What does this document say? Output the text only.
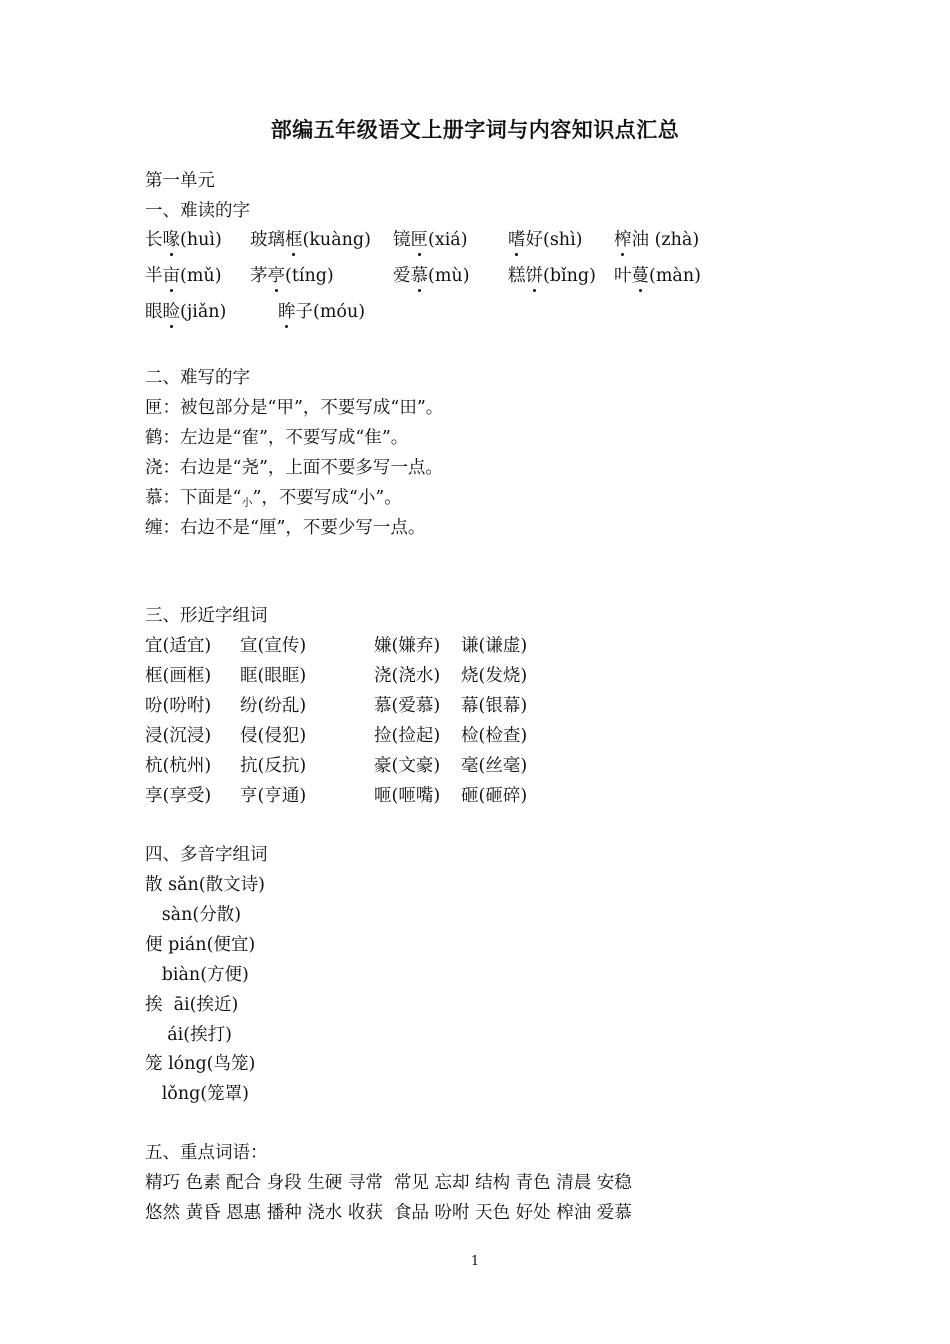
部编五年级语文上册字词与内容知识点汇总
第一单元
一、难读的字
长喙(huì) 玻璃框(kuàng) 镜匣(xiá) 嗜好(shì) 榨油 (zhà)
半亩(mǔ) 茅亭(tíng)	爱慕(mù) 糕饼(bǐng) 叶蔓(màn)
眼睑(jiǎn)	眸子(móu)
二、难写的字
匣：被包部分是“甲”，不要写成“田”。
鹤：左边是“隺”，不要写成“隹”。
浇：右边是“尧”，上面不要多写一点。
慕：下面是“小”，不要写成“小”。
缠：右边不是“厘”，不要少写一点。
三、形近字组词
宜(适宜) 宣(宣传)	嫌(嫌弃) 谦(谦虚)
框(画框) 眶(眼眶)	浇(浇水) 烧(发烧)
吩(吩咐) 纷(纷乱)	慕(爱慕) 幕(银幕)
浸(沉浸) 侵(侵犯)	捡(捡起) 检(检查)
杭(杭州) 抗(反抗)	豪(文豪) 毫(丝毫)
享(享受) 亨(亨通)	咂(咂嘴) 砸(砸碎)
四、多音字组词
散 sǎn(散文诗)
sàn(分散)
便 pián(便宜)
biàn(方便)
挨  āi(挨近)
ái(挨打)
笼 lóng(鸟笼)
lǒng(笼罩)
五、重点词语：
精巧 色素 配合 身段 生硬 寻常  常见 忘却 结构 青色 清晨 安稳
悠然 黄昏 恩惠 播种 浇水 收获  食品 吩咐 天色 好处 榨油 爱慕
1
